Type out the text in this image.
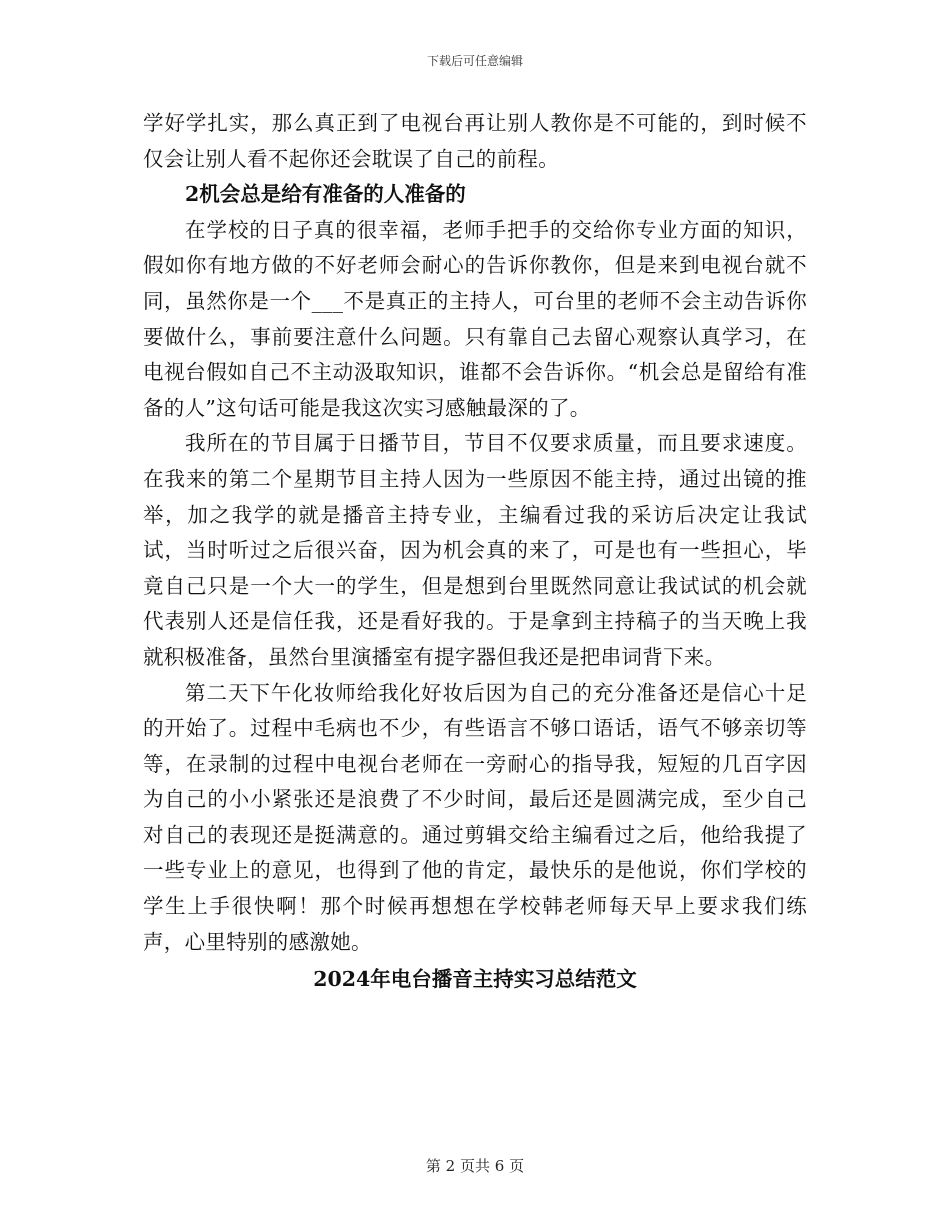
下载后可任意编辑

学好学扎实，那么真正到了电视台再让别人教你是不可能的，到时候不仅会让别人看不起你还会耽误了自己的前程。

2机会总是给有准备的人准备的

在学校的日子真的很幸福，老师手把手的交给你专业方面的知识，假如你有地方做的不好老师会耐心的告诉你教你，但是来到电视台就不同，虽然你是一个___不是真正的主持人，可台里的老师不会主动告诉你要做什么，事前要注意什么问题。只有靠自己去留心观察认真学习，在电视台假如自己不主动汲取知识，谁都不会告诉你。“机会总是留给有准备的人”这句话可能是我这次实习感触最深的了。

我所在的节目属于日播节目，节目不仅要求质量，而且要求速度。在我来的第二个星期节目主持人因为一些原因不能主持，通过出镜的推举，加之我学的就是播音主持专业，主编看过我的采访后决定让我试试，当时听过之后很兴奋，因为机会真的来了，可是也有一些担心，毕竟自己只是一个大一的学生，但是想到台里既然同意让我试试的机会就代表别人还是信任我，还是看好我的。于是拿到主持稿子的当天晚上我就积极准备，虽然台里演播室有提字器但我还是把串词背下来。

第二天下午化妆师给我化好妆后因为自己的充分准备还是信心十足的开始了。过程中毛病也不少，有些语言不够口语话，语气不够亲切等等，在录制的过程中电视台老师在一旁耐心的指导我，短短的几百字因为自己的小小紧张还是浪费了不少时间，最后还是圆满完成，至少自己对自己的表现还是挺满意的。通过剪辑交给主编看过之后，他给我提了一些专业上的意见，也得到了他的肯定，最快乐的是他说，你们学校的学生上手很快啊！那个时候再想想在学校韩老师每天早上要求我们练声，心里特别的感激她。

2024年电台播音主持实习总结范文

第 2 页共 6 页
